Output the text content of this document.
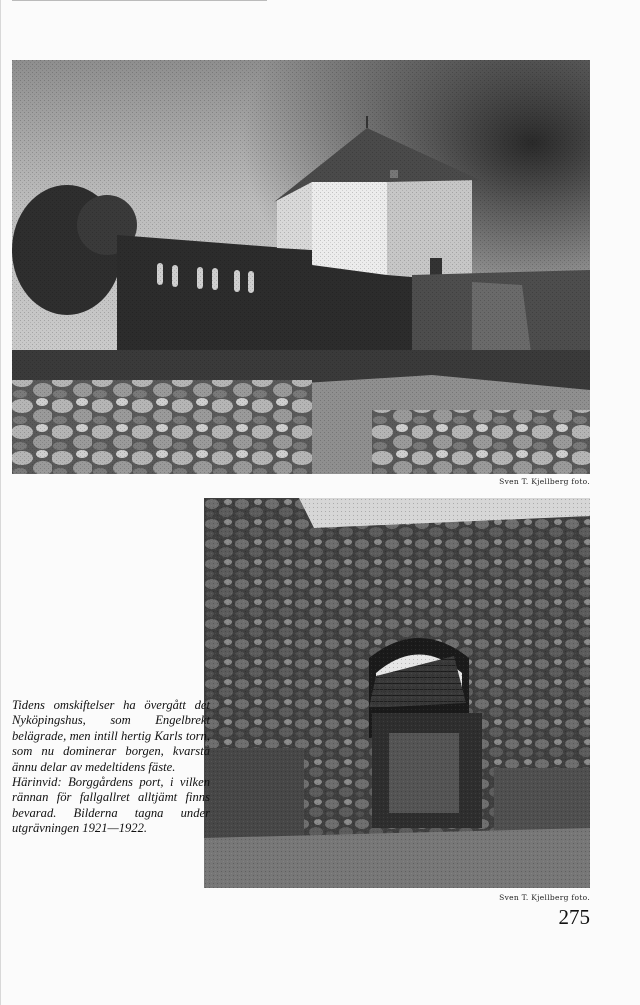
Sven T. Kjellberg foto.
Sven T. Kjellberg foto.

Tidens omskiftelser ha övergått det Nyköpingshus, som Engelbrekt belägrade, men intill hertig Karls torn, som nu dominerar borgen, kvarstå ännu delar av medeltidens fäste.

Härinvid: Borggårdens port, i vilken rännan för fallgallret alltjämt finns bevarad. Bilderna tagna under utgrävningen 1921—1922.

275
